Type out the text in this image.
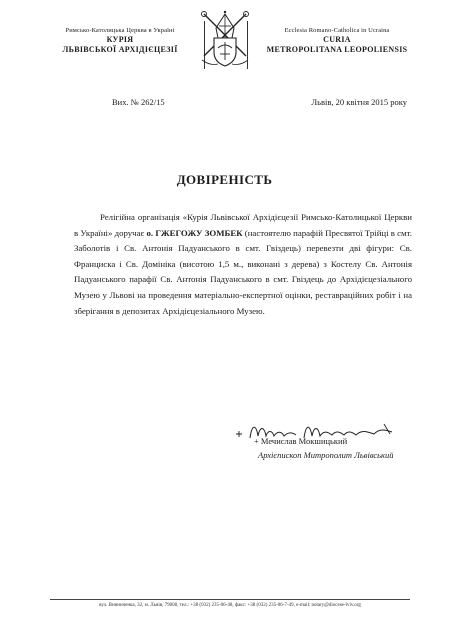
Римсько-Католицька Церква в Україні
КУРІЯ
ЛЬВІВСЬКОЇ АРХІДІЄЦЕЗІЇ
Ecclesia Romano-Catholica in Ucraina
CURIA
METROPOLITANA LEOPOLIENSIS
Вих. № 262/15	Львів, 20 квітня 2015 року
ДОВІРЕНІСТЬ

Релігійна організація «Курія Львівської Архідієцезії Римсько-Католицької Церкви в Україні» доручає о. ГЖЕГОЖУ ЗОМБЕК (настоятелю парафій Пресвятої Трійці в смт. Заболотів і Св. Антонія Падуанського в смт. Гвіздець) перевезти дві фігури: Св. Франциска і Св. Домініка (висотою 1,5 м., виконані з дерева) з Костелу Св. Антонія Падуанського парафії Св. Антонія Падуанського в смт. Гвіздець до Архідієцезіального Музею у Львові на проведення матеріально-експертної оцінки, реставраційних робіт і на зберігання в депозитах Архідієцезіального Музею.

+ Мечислав Мокшицький
Архієпископ Митрополит Львівський
вул. Винниченка, 32, м. Львів, 79008, тел.: +38 (032) 235-06-48, факс: +38 (032) 235-06-7-49, e-mail: notary@diocese-lviv.org
